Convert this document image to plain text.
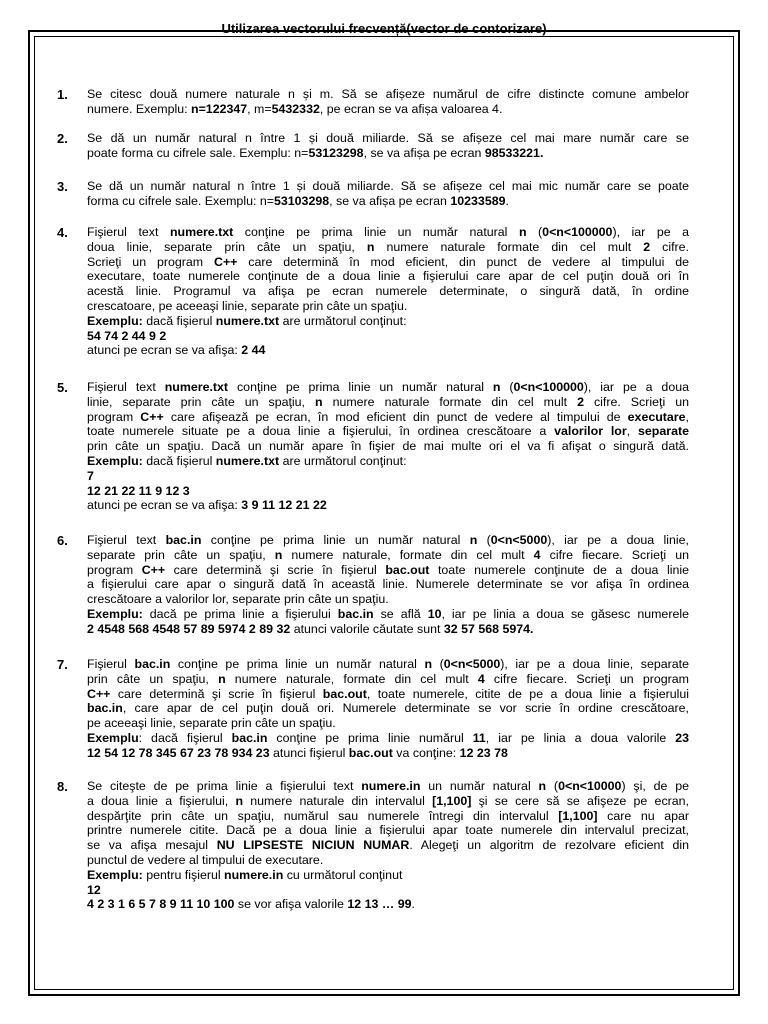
Utilizarea vectorului frecvență(vector de contorizare)
1.	Se citesc două numere naturale n și m. Să se afișeze numărul de cifre distincte comune ambelor
numere. Exemplu: n=122347, m=5432332, pe ecran se va afișa valoarea 4.
2.	Se dă un număr natural n între 1 și două miliarde. Să se afișeze cel mai mare număr care se
poate forma cu cifrele sale. Exemplu: n=53123298, se va afișa pe ecran 98533221.
3.	Se dă un număr natural n între 1 și două miliarde. Să se afișeze cel mai mic număr care se poate
forma cu cifrele sale. Exemplu: n=53103298, se va afișa pe ecran 10233589.
4.	Fişierul text numere.txt conţine pe prima linie un număr natural n (0<n<100000), iar pe a
doua linie, separate prin câte un spaţiu, n numere naturale formate din cel mult 2 cifre.
Scrieţi un program C++ care determină în mod eficient, din punct de vedere al timpului de
executare, toate numerele conţinute de a doua linie a fişierului care apar de cel puţin două ori în
acestă linie. Programul va afişa pe ecran numerele determinate, o singură dată, în ordine
crescatoare, pe aceeaşi linie, separate prin câte un spaţiu.
Exemplu: dacă fişierul numere.txt are următorul conţinut:
54 74 2 44 9 2
atunci pe ecran se va afişa: 2 44
5.	Fişierul text numere.txt conţine pe prima linie un număr natural n (0<n<100000), iar pe a doua
linie, separate prin câte un spaţiu, n numere naturale formate din cel mult 2 cifre. Scrieţi un
program C++ care afişează pe ecran, în mod eficient din punct de vedere al timpului de executare,
toate numerele situate pe a doua linie a fişierului, în ordinea crescătoare a valorilor lor, separate
prin câte un spaţiu. Dacă un număr apare în fişier de mai multe ori el va fi afişat o singură dată.
Exemplu: dacă fişierul numere.txt are următorul conţinut:
7
12 21 22 11 9 12 3
atunci pe ecran se va afişa: 3 9 11 12 21 22
6.	Fişierul text bac.in conţine pe prima linie un număr natural n (0<n<5000), iar pe a doua linie,
separate prin câte un spaţiu, n numere naturale, formate din cel mult 4 cifre fiecare. Scrieţi un
program C++ care determină şi scrie în fişierul bac.out toate numerele conţinute de a doua linie
a fişierului care apar o singură dată în această linie. Numerele determinate se vor afişa în ordinea
crescătoare a valorilor lor, separate prin câte un spaţiu.
Exemplu: dacă pe prima linie a fişierului bac.in se află 10, iar pe linia a doua se găsesc numerele
2 4548 568 4548 57 89 5974 2 89 32 atunci valorile căutate sunt 32 57 568 5974.
7.	Fişierul bac.in conţine pe prima linie un număr natural n (0<n<5000), iar pe a doua linie, separate
prin câte un spaţiu, n numere naturale, formate din cel mult 4 cifre fiecare. Scrieţi un program
C++ care determină şi scrie în fişierul bac.out, toate numerele, citite de pe a doua linie a fişierului
bac.in, care apar de cel puţin două ori. Numerele determinate se vor scrie în ordine crescătoare,
pe aceeaşi linie, separate prin câte un spaţiu.
Exemplu: dacă fişierul bac.in conţine pe prima linie numărul 11, iar pe linia a doua valorile 23
12 54 12 78 345 67 23 78 934 23 atunci fişierul bac.out va conţine: 12 23 78
8.	Se citeşte de pe prima linie a fişierului text numere.in un număr natural n (0<n<10000) şi, de pe
a doua linie a fişierului, n numere naturale din intervalul [1,100] şi se cere să se afişeze pe ecran,
despărţite prin câte un spaţiu, numărul sau numerele întregi din intervalul [1,100] care nu apar
printre numerele citite. Dacă pe a doua linie a fişierului apar toate numerele din intervalul precizat,
se va afişa mesajul NU LIPSESTE NICIUN NUMAR. Alegeţi un algoritm de rezolvare eficient din
punctul de vedere al timpului de executare.
Exemplu: pentru fişierul numere.in cu următorul conţinut
12
4 2 3 1 6 5 7 8 9 11 10 100 se vor afişa valorile 12 13 … 99.
